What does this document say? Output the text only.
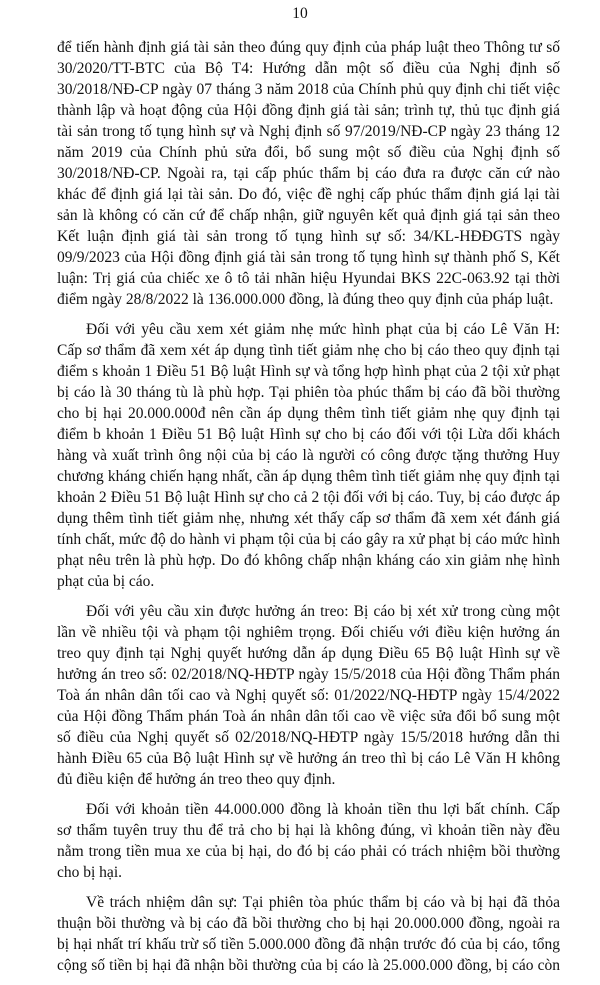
10
để tiến hành định giá tài sản theo đúng quy định của pháp luật theo Thông tư số
30/2020/TT-BTC của Bộ T4: Hướng dẫn một số điều của Nghị định số
30/2018/NĐ-CP ngày 07 tháng 3 năm 2018 của Chính phủ quy định chi tiết việc
thành lập và hoạt động của Hội đồng định giá tài sản; trình tự, thủ tục định giá
tài sản trong tố tụng hình sự và Nghị định số 97/2019/NĐ-CP ngày 23 tháng 12
năm 2019 của Chính phủ sửa đổi, bổ sung một số điều của Nghị định số
30/2018/NĐ-CP. Ngoài ra, tại cấp phúc thẩm bị cáo đưa ra được căn cứ nào
khác để định giá lại tài sản. Do đó, việc đề nghị cấp phúc thẩm định giá lại tài
sản là không có căn cứ để chấp nhận, giữ nguyên kết quả định giá tại sản theo
Kết luận định giá tài sản trong tố tụng hình sự số: 34/KL-HĐĐGTS ngày
09/9/2023 của Hội đồng định giá tài sản trong tố tụng hình sự thành phố S, Kết
luận: Trị giá của chiếc xe ô tô tải nhãn hiệu Hyundai BKS 22C-063.92 tại thời
điểm ngày 28/8/2022 là 136.000.000 đồng, là đúng theo quy định của pháp luật.
Đối với yêu cầu xem xét giảm nhẹ mức hình phạt của bị cáo Lê Văn H:
Cấp sơ thẩm đã xem xét áp dụng tình tiết giảm nhẹ cho bị cáo theo quy định tại
điểm s khoản 1 Điều 51 Bộ luật Hình sự và tổng hợp hình phạt của 2 tội xử phạt
bị cáo là 30 tháng tù là phù hợp. Tại phiên tòa phúc thẩm bị cáo đã bồi thường
cho bị hại 20.000.000đ nên cần áp dụng thêm tình tiết giảm nhẹ quy định tại
điểm b khoản 1 Điều 51 Bộ luật Hình sự cho bị cáo đối với tội Lừa dối khách
hàng và xuất trình ông nội của bị cáo là người có công được tặng thưởng Huy
chương kháng chiến hạng nhất, cần áp dụng thêm tình tiết giảm nhẹ quy định tại
khoản 2 Điều 51 Bộ luật Hình sự cho cả 2 tội đối với bị cáo. Tuy, bị cáo được áp
dụng thêm tình tiết giảm nhẹ, nhưng xét thấy cấp sơ thẩm đã xem xét đánh giá
tính chất, mức độ do hành vi phạm tội của bị cáo gây ra xử phạt bị cáo mức hình
phạt nêu trên là phù hợp. Do đó không chấp nhận kháng cáo xin giảm nhẹ hình
phạt của bị cáo.
Đối với yêu cầu xin được hưởng án treo: Bị cáo bị xét xử trong cùng một
lần về nhiều tội và phạm tội nghiêm trọng. Đối chiếu với điều kiện hưởng án
treo quy định tại Nghị quyết hướng dẫn áp dụng Điều 65 Bộ luật Hình sự về
hưởng án treo số: 02/2018/NQ-HĐTP ngày 15/5/2018 của Hội đồng Thẩm phán
Toà án nhân dân tối cao và Nghị quyết số: 01/2022/NQ-HĐTP ngày 15/4/2022
của Hội đồng Thẩm phán Toà án nhân dân tối cao về việc sửa đổi bổ sung một
số điều của Nghị quyết số 02/2018/NQ-HĐTP ngày 15/5/2018 hướng dẫn thi
hành Điều 65 của Bộ luật Hình sự về hưởng án treo thì bị cáo Lê Văn H không
đủ điều kiện để hưởng án treo theo quy định.
Đối với khoản tiền 44.000.000 đồng là khoản tiền thu lợi bất chính. Cấp
sơ thẩm tuyên truy thu để trả cho bị hại là không đúng, vì khoản tiền này đều
nằm trong tiền mua xe của bị hại, do đó bị cáo phải có trách nhiệm bồi thường
cho bị hại.
Về trách nhiệm dân sự: Tại phiên tòa phúc thẩm bị cáo và bị hại đã thỏa
thuận bồi thường và bị cáo đã bồi thường cho bị hại 20.000.000 đồng, ngoài ra
bị hại nhất trí khấu trừ số tiền 5.000.000 đồng đã nhận trước đó của bị cáo, tổng
cộng số tiền bị hại đã nhận bồi thường của bị cáo là 25.000.000 đồng, bị cáo còn
